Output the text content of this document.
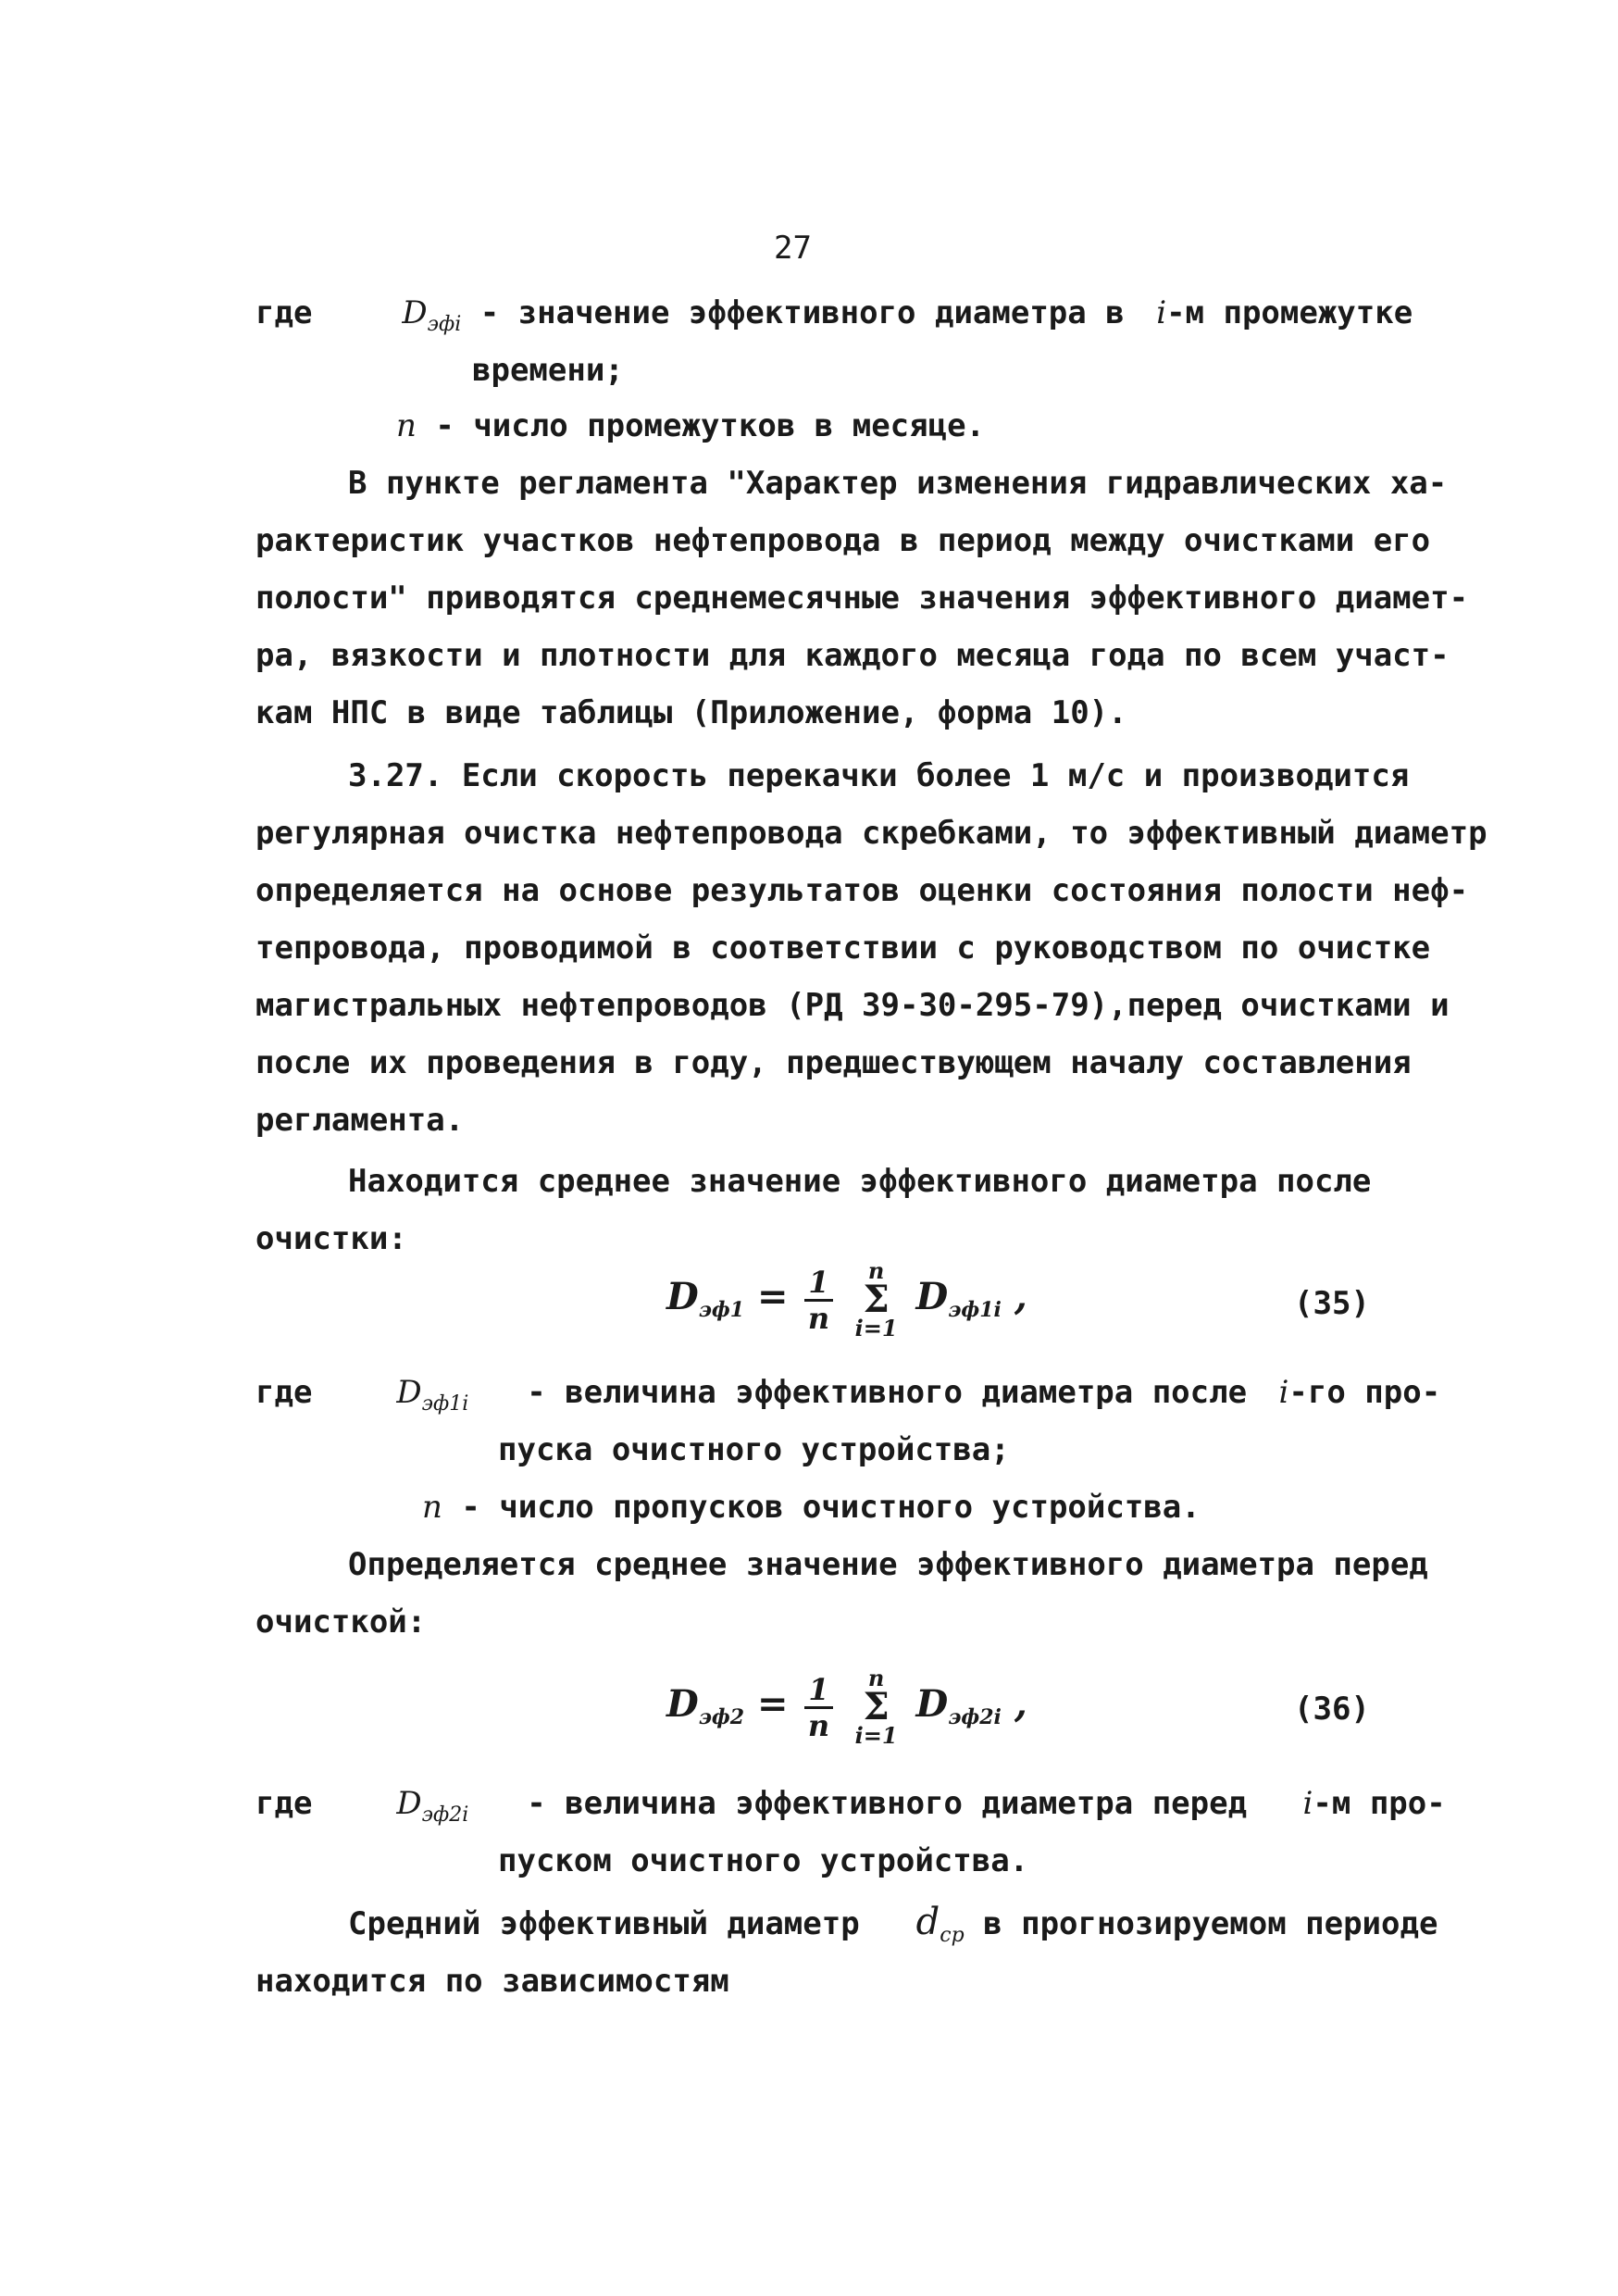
27
где	$D_{эфi}$ - значение эффективного диаметра в i-м промежутке
времени;
n - число промежутков в месяце.
В пункте регламента "Характер изменения гидравлических ха-
рактеристик участков нефтепровода в период между очистками его
полости" приводятся среднемесячные значения эффективного диамет-
ра, вязкости и плотности для каждого месяца года по всем участ-
кам НПС в виде таблицы (Приложение, форма 10).
3.27. Если скорость перекачки более 1 м/с и производится
регулярная очистка нефтепровода скребками, то эффективный диаметр
определяется на основе результатов оценки состояния полости неф-
тепровода, проводимой в соответствии с руководством по очистке
магистральных нефтепроводов (РД 39-30-295-79),перед очистками и
после их проведения в году, предшествующем началу составления
регламента.
Находится среднее значение эффективного диаметра после
очистки:
$D_{эф1} = \frac{1}{n}$
	n
Σ
i=1
$D_{эф1i}$ ,	(35)
где	$D_{эф1i}$ - величина эффективного диаметра после i-го про-
пуска очистного устройства;
n - число пропусков очистного устройства.
Определяется среднее значение эффективного диаметра перед
очисткой:
$D_{эф2} = \frac{1}{n}$
	n
Σ
i=1
$D_{эф2i}$ ,	(36)
где	$D_{эф2i}$ - величина эффективного диаметра перед i-м про-
пуском очистного устройства.
Средний эффективный диаметр $d_{ср}$ в прогнозируемом периоде
находится по зависимостям
